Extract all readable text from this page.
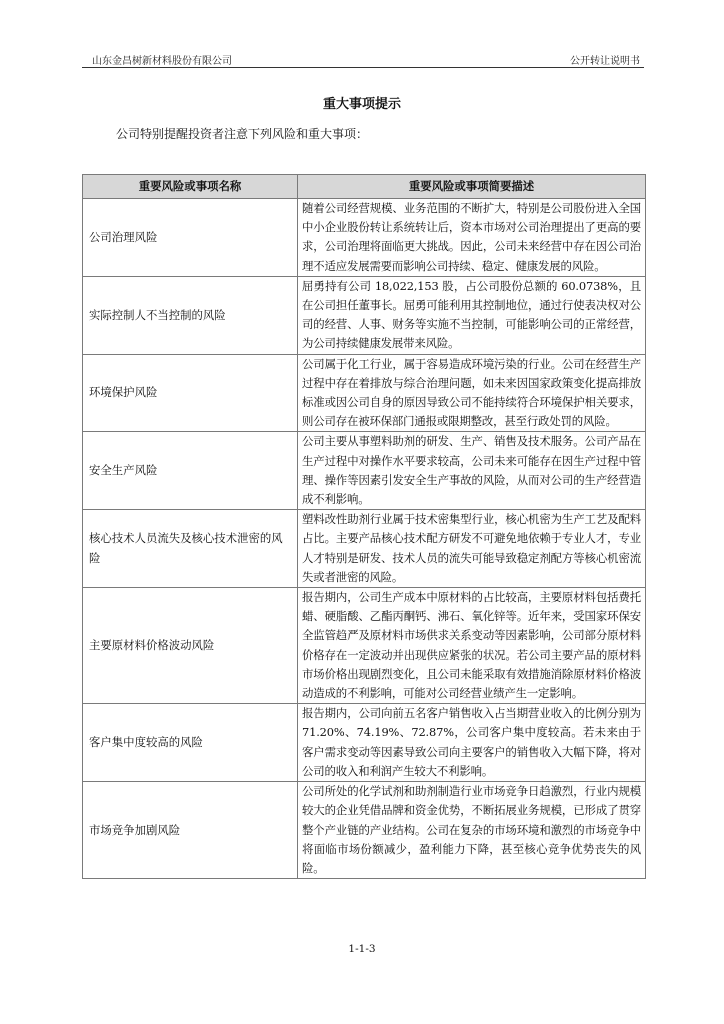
山东金昌树新材料股份有限公司	公开转让说明书
重大事项提示
公司特别提醒投资者注意下列风险和重大事项：
重要风险或事项名称	重要风险或事项简要描述
公司治理风险	随着公司经营规模、业务范围的不断扩大，特别是公司股份进入全国中小企业股份转让系统转让后，资本市场对公司治理提出了更高的要求，公司治理将面临更大挑战。因此，公司未来经营中存在因公司治理不适应发展需要而影响公司持续、稳定、健康发展的风险。
实际控制人不当控制的风险	屈勇持有公司 18,022,153 股，占公司股份总额的 60.0738%，且在公司担任董事长。屈勇可能利用其控制地位，通过行使表决权对公司的经营、人事、财务等实施不当控制，可能影响公司的正常经营，为公司持续健康发展带来风险。
环境保护风险	公司属于化工行业，属于容易造成环境污染的行业。公司在经营生产过程中存在着排放与综合治理问题，如未来因国家政策变化提高排放标准或因公司自身的原因导致公司不能持续符合环境保护相关要求，则公司存在被环保部门通报或限期整改，甚至行政处罚的风险。
安全生产风险	公司主要从事塑料助剂的研发、生产、销售及技术服务。公司产品在生产过程中对操作水平要求较高，公司未来可能存在因生产过程中管理、操作等因素引发安全生产事故的风险，从而对公司的生产经营造成不利影响。
核心技术人员流失及核心技术泄密的风险	塑料改性助剂行业属于技术密集型行业，核心机密为生产工艺及配料占比。主要产品核心技术配方研发不可避免地依赖于专业人才，专业人才特别是研发、技术人员的流失可能导致稳定剂配方等核心机密流失或者泄密的风险。
主要原材料价格波动风险	报告期内，公司生产成本中原材料的占比较高，主要原材料包括费托蜡、硬脂酸、乙酯丙酮钙、沸石、氧化锌等。近年来，受国家环保安全监管趋严及原材料市场供求关系变动等因素影响，公司部分原材料价格存在一定波动并出现供应紧张的状况。若公司主要产品的原材料市场价格出现剧烈变化，且公司未能采取有效措施消除原材料价格波动造成的不利影响，可能对公司经营业绩产生一定影响。
客户集中度较高的风险	报告期内，公司向前五名客户销售收入占当期营业收入的比例分别为 71.20%、74.19%、72.87%，公司客户集中度较高。若未来由于客户需求变动等因素导致公司向主要客户的销售收入大幅下降，将对公司的收入和利润产生较大不利影响。
市场竞争加剧风险	公司所处的化学试剂和助剂制造行业市场竞争日趋激烈，行业内规模较大的企业凭借品牌和资金优势，不断拓展业务规模，已形成了贯穿整个产业链的产业结构。公司在复杂的市场环境和激烈的市场竞争中将面临市场份额减少，盈利能力下降，甚至核心竞争优势丧失的风险。
1-1-3
